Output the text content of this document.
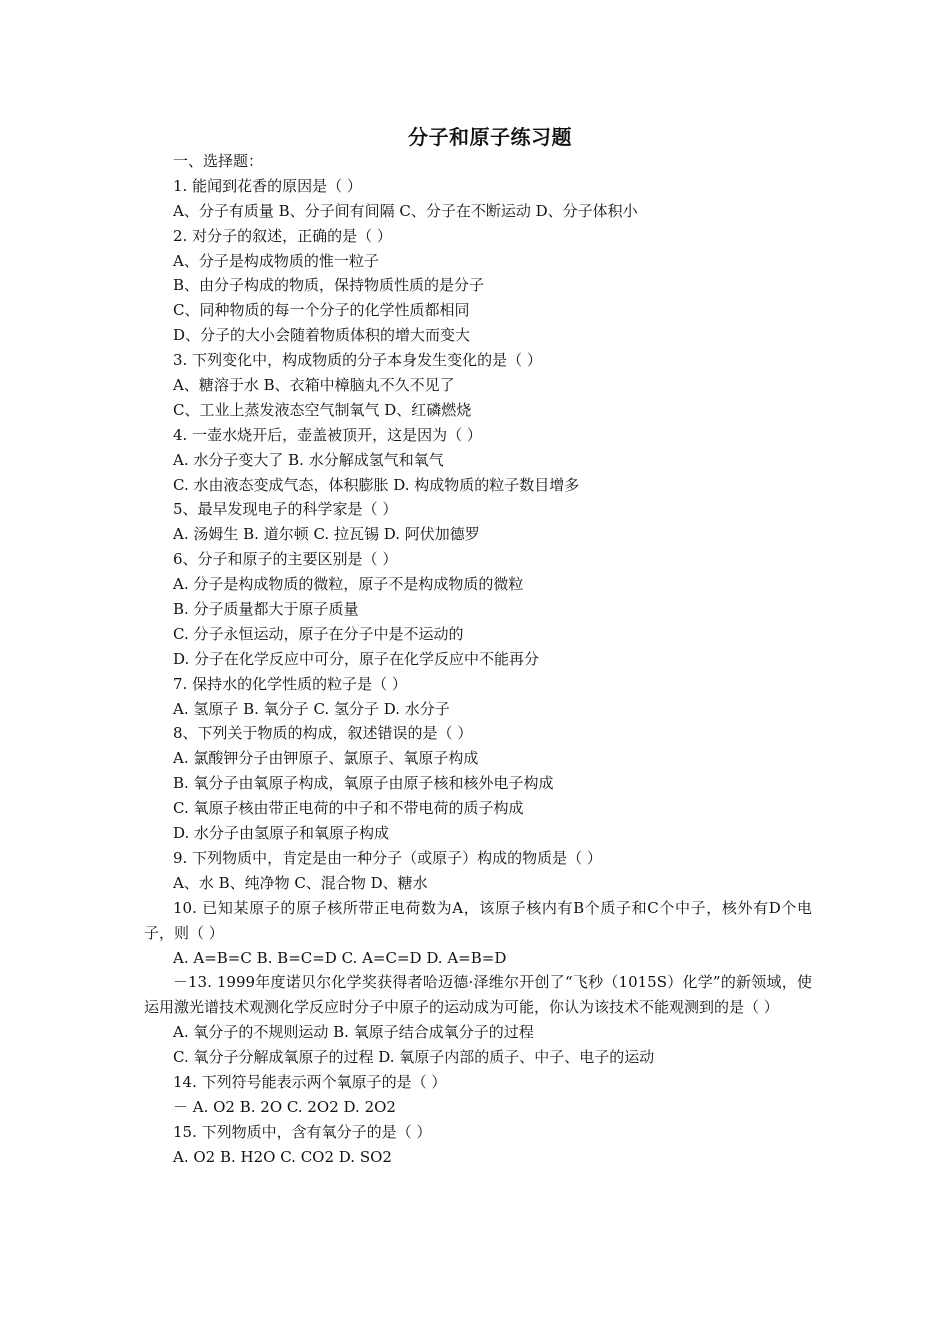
分子和原子练习题
一、选择题：
1. 能闻到花香的原因是（ ）
A、分子有质量 B、分子间有间隔 C、分子在不断运动 D、分子体积小
2. 对分子的叙述，正确的是（ ）
A、分子是构成物质的惟一粒子
B、由分子构成的物质，保持物质性质的是分子
C、同种物质的每一个分子的化学性质都相同
D、分子的大小会随着物质体积的增大而变大
3. 下列变化中，构成物质的分子本身发生变化的是（ ）
A、糖溶于水 B、衣箱中樟脑丸不久不见了
C、工业上蒸发液态空气制氧气 D、红磷燃烧
4. 一壶水烧开后，壶盖被顶开，这是因为（ ）
A. 水分子变大了 B. 水分解成氢气和氧气
C. 水由液态变成气态，体积膨胀 D. 构成物质的粒子数目增多
5、最早发现电子的科学家是（ ）
A. 汤姆生 B. 道尔顿 C. 拉瓦锡 D. 阿伏加德罗
6、分子和原子的主要区别是（ ）
A. 分子是构成物质的微粒，原子不是构成物质的微粒
B. 分子质量都大于原子质量
C. 分子永恒运动，原子在分子中是不运动的
D. 分子在化学反应中可分，原子在化学反应中不能再分
7. 保持水的化学性质的粒子是（ ）
A. 氢原子 B. 氧分子 C. 氢分子 D. 水分子
8、下列关于物质的构成，叙述错误的是（ ）
A. 氯酸钾分子由钾原子、氯原子、氧原子构成
B. 氧分子由氧原子构成，氧原子由原子核和核外电子构成
C. 氧原子核由带正电荷的中子和不带电荷的质子构成
D. 水分子由氢原子和氧原子构成
9. 下列物质中，肯定是由一种分子（或原子）构成的物质是（ ）
A、水 B、纯净物 C、混合物 D、糖水
10. 已知某原子的原子核所带正电荷数为A，该原子核内有B个质子和C个中子，核外有D个电子，则（ ）
A. A=B=C B. B=C=D C. A=C=D D. A=B=D
－13. 1999年度诺贝尔化学奖获得者哈迈德·泽维尔开创了“飞秒（1015S）化学”的新领域，使运用激光谱技术观测化学反应时分子中原子的运动成为可能，你认为该技术不能观测到的是（ ）
A. 氧分子的不规则运动 B. 氧原子结合成氧分子的过程
C. 氧分子分解成氧原子的过程 D. 氧原子内部的质子、中子、电子的运动
14. 下列符号能表示两个氧原子的是（ ）
－ A. O2 B. 2O C. 2O2 D. 2O2
15. 下列物质中，含有氧分子的是（ ）
A. O2 B. H2O C. CO2 D. SO2
